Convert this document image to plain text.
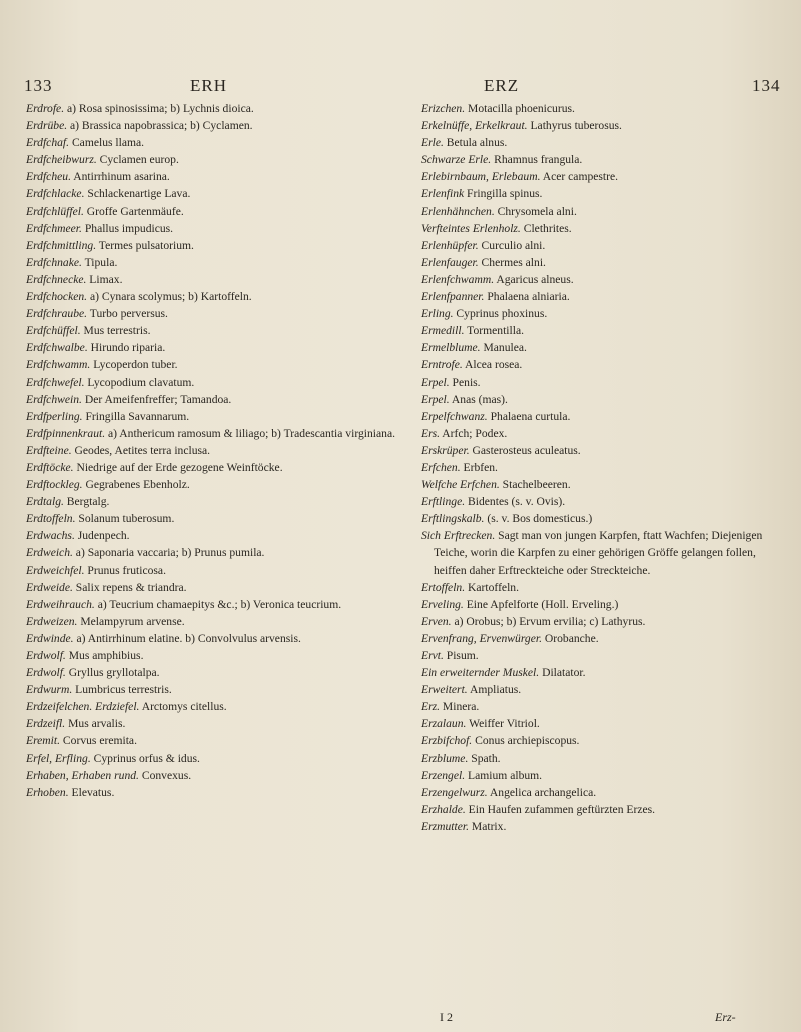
133	ERH	ERZ	134
Erdrofe. a) Rosa spinosissima; b) Lychnis dioica.
Erdrübe. a) Brassica napobrassica; b) Cyclamen.
Erdfchaf. Camelus llama.
Erdfcheibwurz. Cyclamen europ.
Erdfcheu. Antirrhinum asarina.
Erdfchlacke. Schlackenartige Lava.
Erdfchlüffel. Groffe Gartenmäufe.
Erdfchmeer. Phallus impudicus.
Erdfchmittling. Termes pulsatorium.
Erdfchnake. Tipula.
Erdfchnecke. Limax.
Erdfchocken. a) Cynara scolymus; b) Kartoffeln.
Erdfchraube. Turbo perversus.
Erdfchüffel. Mus terrestris.
Erdfchwalbe. Hirundo riparia.
Erdfchwamm. Lycoperdon tuber.
Erdfchwefel. Lycopodium clavatum.
Erdfchwein. Der Ameifenfreffer; Tamandoa.
Erdfperling. Fringilla Savannarum.
Erdfpinnenkraut. a) Anthericum ramosum & liliago; b) Tradescantia virginiana.
Erdfteine. Geodes, Aetites terra inclusa.
Erdftöcke. Niedrige auf der Erde gezogene Weinftöcke.
Erdftockleg. Gegrabenes Ebenholz.
Erdtalg. Bergtalg.
Erdtoffeln. Solanum tuberosum.
Erdwachs. Judenpech.
Erdweich. a) Saponaria vaccaria; b) Prunus pumila.
Erdweichfel. Prunus fruticosa.
Erdweide. Salix repens & triandra.
Erdweihrauch. a) Teucrium chamaepitys &c.; b) Veronica teucrium.
Erdweizen. Melampyrum arvense.
Erdwinde. a) Antirrhinum elatine. b) Convolvulus arvensis.
Erdwolf. Mus amphibius.
Erdwolf. Gryllus gryllotalpa.
Erdwurm. Lumbricus terrestris.
Erdzeifelchen. Erdziefel. Arctomys citellus.
Erdzeifl. Mus arvalis.
Eremit. Corvus eremita.
Erfel, Erfling. Cyprinus orfus & idus.
Erhaben, Erhaben rund. Convexus.
Erhoben. Elevatus.
Erizchen. Motacilla phoenicurus.
Erkelnüffe, Erkelkraut. Lathyrus tuberosus.
Erle. Betula alnus.
Schwarze Erle. Rhamnus frangula.
Erlebirnbaum, Erlebaum. Acer campestre.
Erlenfink Fringilla spinus.
Erlenhähnchen. Chrysomela alni.
Verfteintes Erlenholz. Clethrites.
Erlenhüpfer. Curculio alni.
Erlenfauger. Chermes alni.
Erlenfchwamm. Agaricus alneus.
Erlenfpanner. Phalaena alniaria.
Erling. Cyprinus phoxinus.
Ermedill. Tormentilla.
Ermelblume. Manulea.
Erntrofe. Alcea rosea.
Erpel. Penis.
Erpel. Anas (mas).
Erpelfchwanz. Phalaena curtula.
Ers. Arfch; Podex.
Erskrüper. Gasterosteus aculeatus.
Erfchen. Erbfen.
Welfche Erfchen. Stachelbeeren.
Erftlinge. Bidentes (s. v. Ovis).
Erftlingskalb. (s. v. Bos domesticus.)
Sich Erftrecken. Sagt man von jungen Karpfen, ftatt Wachfen; Diejenigen Teiche, worin die Karpfen zu einer gehörigen Gröffe gelangen follen, heiffen daher Erftreckteiche oder Streckteiche.
Ertoffeln. Kartoffeln.
Erveling. Eine Apfelforte (Holl. Erveling.)
Erven. a) Orobus; b) Ervum ervilia; c) Lathyrus.
Ervenfrang, Ervenwürger. Orobanche.
Ervt. Pisum.
Ein erweiternder Muskel. Dilatator.
Erweitert. Ampliatus.
Erz. Minera.
Erzalaun. Weiffer Vitriol.
Erzbifchof. Conus archiepiscopus.
Erzblume. Spath.
Erzengel. Lamium album.
Erzengelwurz. Angelica archangelica.
Erzhalde. Ein Haufen zufammen geftürzten Erzes.
Erzmutter. Matrix.
I 2	Erz-
